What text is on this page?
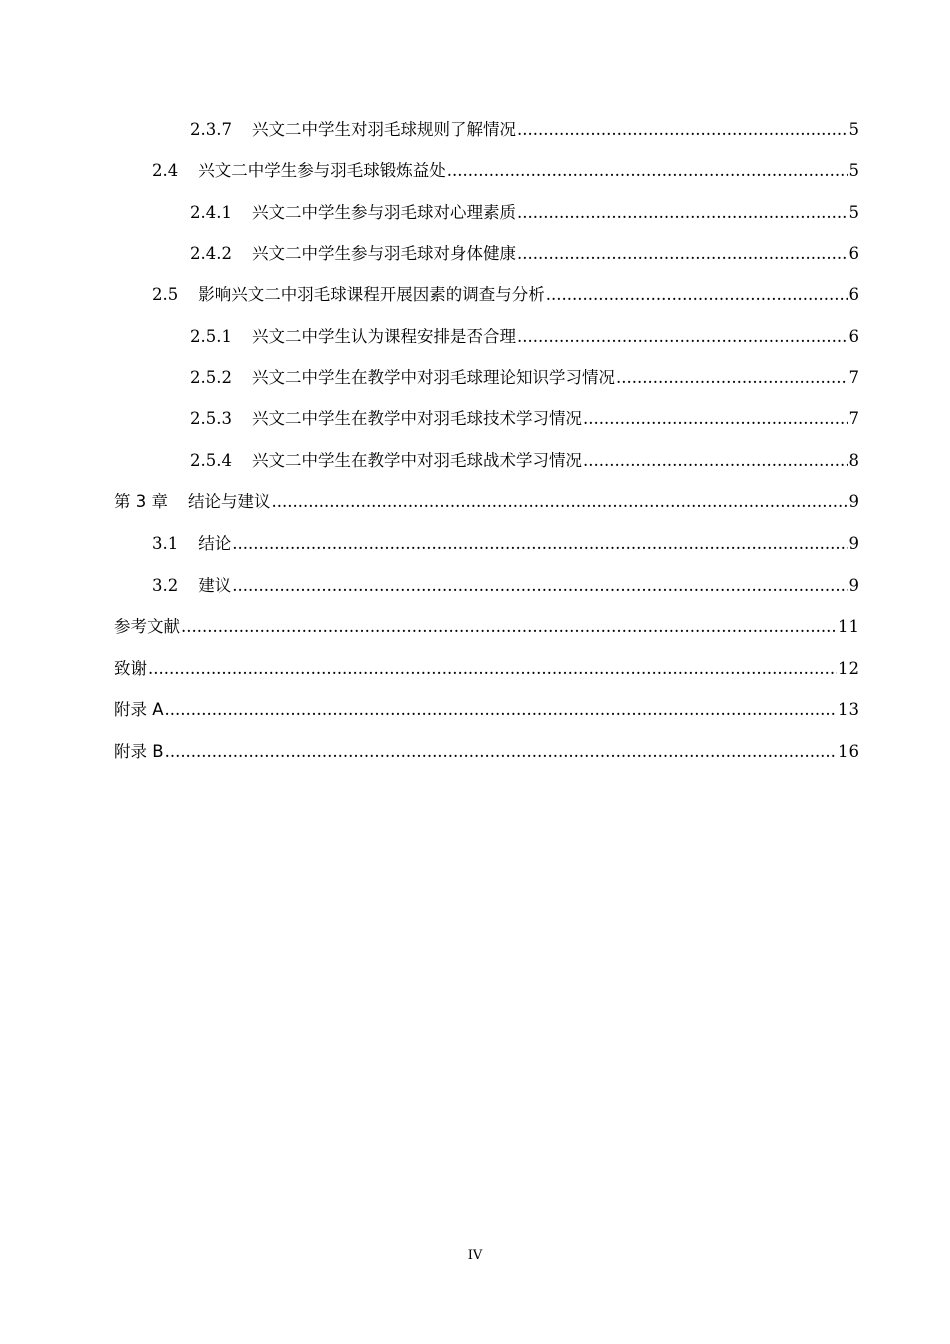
2.3.7 兴文二中学生对羽毛球规则了解情况 .....	5
2.4 兴文二中学生参与羽毛球锻炼益处 .....	5
2.4.1 兴文二中学生参与羽毛球对心理素质 .....	5
2.4.2 兴文二中学生参与羽毛球对身体健康 .....	6
2.5 影响兴文二中羽毛球课程开展因素的调查与分析 .....	6
2.5.1 兴文二中学生认为课程安排是否合理 .....	6
2.5.2 兴文二中学生在教学中对羽毛球理论知识学习情况 .....	7
2.5.3 兴文二中学生在教学中对羽毛球技术学习情况 .....	7
2.5.4 兴文二中学生在教学中对羽毛球战术学习情况 .....	8
第 3 章 结论与建议 .....	9
3.1 结论 .....	9
3.2 建议 .....	9
参考文献 .....	11
致谢 .....	12
附录 A .....	13
附录 B .....	16
IV
